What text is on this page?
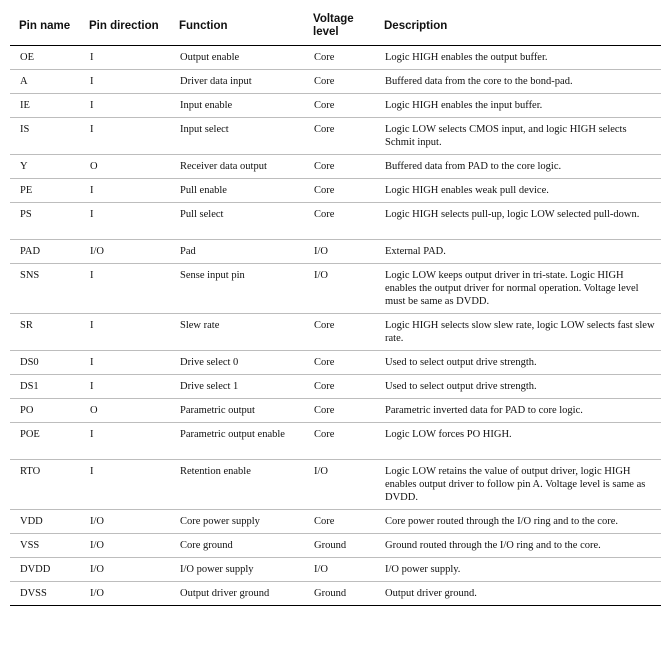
Pin name	Pin direction	Function	Voltage level	Description
OE	I	Output enable	Core	Logic HIGH enables the output buffer.
A	I	Driver data input	Core	Buffered data from the core to the bond-pad.
IE	I	Input enable	Core	Logic HIGH enables the input buffer.
IS	I	Input select	Core	Logic LOW selects CMOS input, and logic HIGH selects Schmit input.
Y	O	Receiver data output	Core	Buffered data from PAD to the core logic.
PE	I	Pull enable	Core	Logic HIGH enables weak pull device.
PS	I	Pull select	Core	Logic HIGH selects pull-up, logic LOW selected pull-down.
PAD	I/O	Pad	I/O	External PAD.
SNS	I	Sense input pin	I/O	Logic LOW keeps output driver in tri-state. Logic HIGH enables the output driver for normal operation. Voltage level must be same as DVDD.
SR	I	Slew rate	Core	Logic HIGH selects slow slew rate, logic LOW selects fast slew rate.
DS0	I	Drive select 0	Core	Used to select output drive strength.
DS1	I	Drive select 1	Core	Used to select output drive strength.
PO	O	Parametric output	Core	Parametric inverted data for PAD to core logic.
POE	I	Parametric output enable	Core	Logic LOW forces PO HIGH.
RTO	I	Retention enable	I/O	Logic LOW retains the value of output driver, logic HIGH enables output driver to follow pin A. Voltage level is same as DVDD.
VDD	I/O	Core power supply	Core	Core power routed through the I/O ring and to the core.
VSS	I/O	Core ground	Ground	Ground routed through the I/O ring and to the core.
DVDD	I/O	I/O power supply	I/O	I/O power supply.
DVSS	I/O	Output driver ground	Ground	Output driver ground.
